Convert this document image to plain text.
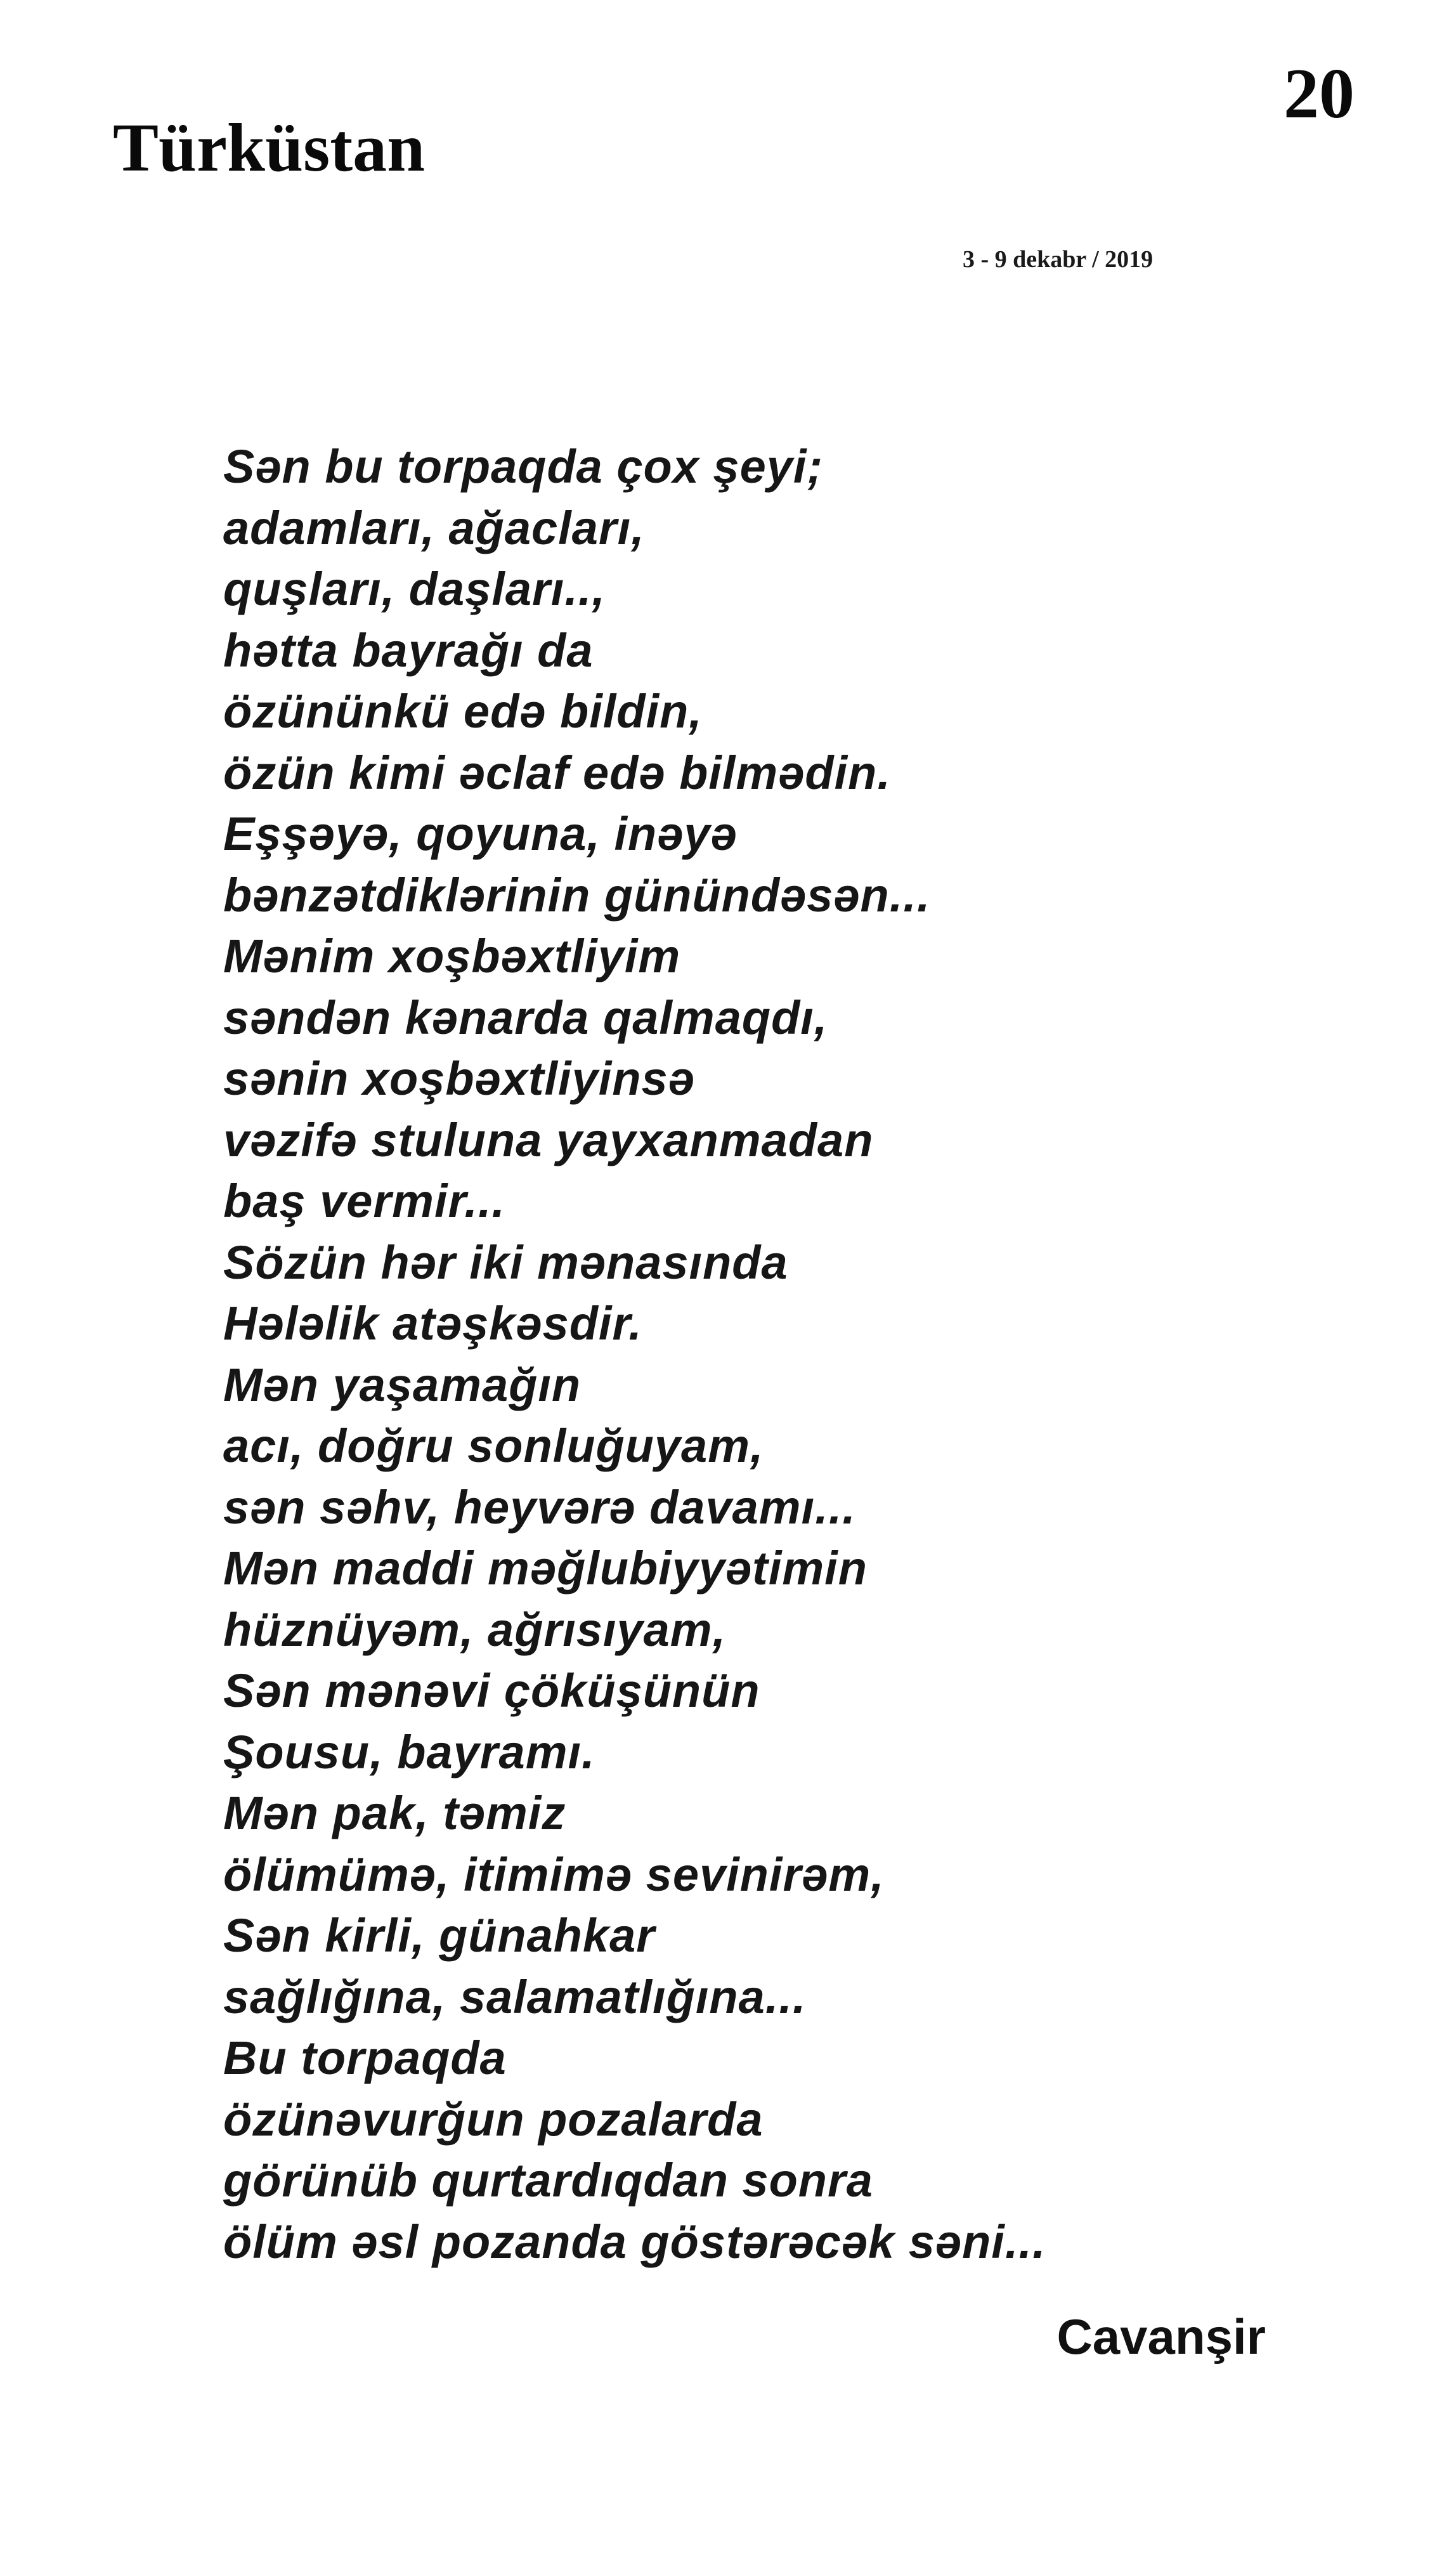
Türküstan
20
3 - 9 dekabr / 2019
Sən bu torpaqda çox şeyi;
adamları, ağacları,
quşları, daşları..,
hətta bayrağı da
özününkü edə bildin,
özün kimi əclaf edə bilmədin.
Eşşəyə, qoyuna, inəyə
bənzətdiklərinin günündəsən...
Mənim xoşbəxtliyim
səndən kənarda qalmaqdı,
sənin xoşbəxtliyinsə
vəzifə stuluna yayxanmadan
baş vermir...
Sözün hər iki mənasında
Hələlik atəşkəsdir.
Mən yaşamağın
acı, doğru sonluğuyam,
sən səhv, heyvərə davamı...
Mən maddi məğlubiyyətimin
hüznüyəm, ağrısıyam,
Sən mənəvi çöküşünün
Şousu, bayramı.
Mən pak, təmiz
ölümümə, itimimə sevinirəm,
Sən kirli, günahkar
sağlığına, salamatlığına...
Bu torpaqda
özünəvurğun pozalarda
görünüb qurtardıqdan sonra
ölüm əsl pozanda göstərəcək səni...
Cavanşir
